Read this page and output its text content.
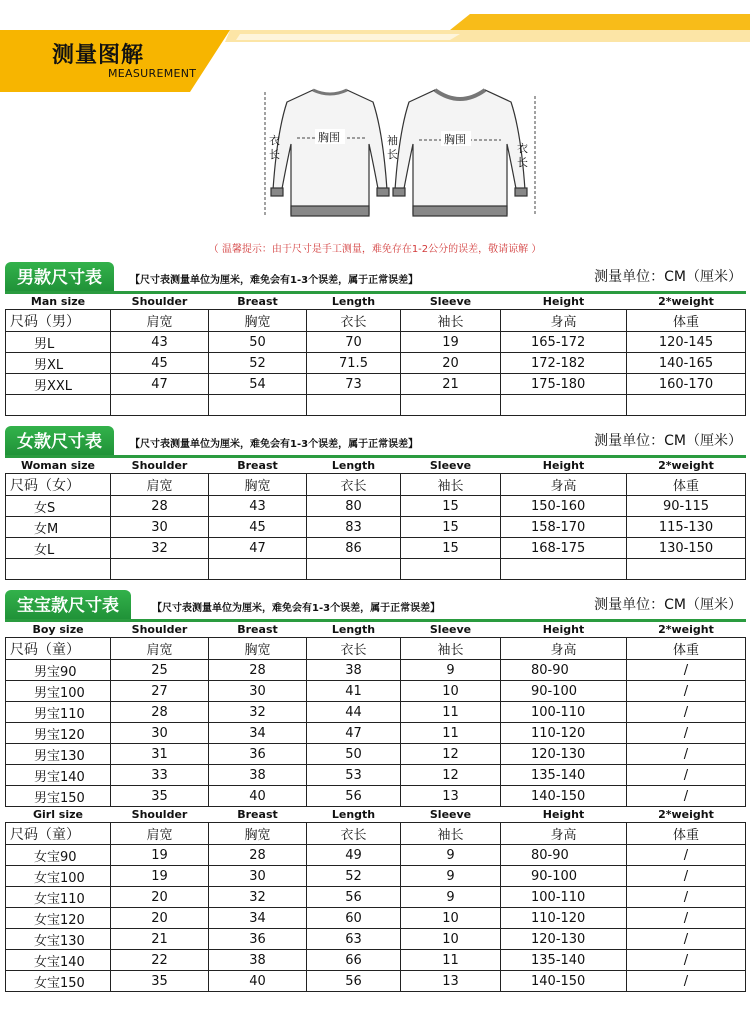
测量图解
MEASUREMENT
衣
长
胸围	袖
长
胸围
衣
长
（ 温馨提示：由于尺寸是手工测量，难免存在1-2公分的误差，敬请谅解 ）
男款尺寸表	【尺寸表测量单位为厘米，难免会有1-3个误差，属于正常误差】	测量单位：CM（厘米）
Man size	Shoulder	Breast	Length	Sleeve	Height	2*weight
尺码（男）	肩宽	胸宽	衣长	袖长	身高	体重
男L	43	50	70	19	165-172	120-145
男XL	45	52	71.5	20	172-182	140-165
男XXL	47	54	73	21	175-180	160-170

女款尺寸表	【尺寸表测量单位为厘米，难免会有1-3个误差，属于正常误差】	测量单位：CM（厘米）
Woman size	Shoulder	Breast	Length	Sleeve	Height	2*weight
尺码（女）	肩宽	胸宽	衣长	袖长	身高	体重
女S	28	43	80	15	150-160	90-115
女M	30	45	83	15	158-170	115-130
女L	32	47	86	15	168-175	130-150

宝宝款尺寸表	【尺寸表测量单位为厘米，难免会有1-3个误差，属于正常误差】	测量单位：CM（厘米）
Boy size	Shoulder	Breast	Length	Sleeve	Height	2*weight
尺码（童）	肩宽	胸宽	衣长	袖长	身高	体重
男宝90	25	28	38	9	80-90	/
男宝100	27	30	41	10	90-100	/
男宝110	28	32	44	11	100-110	/
男宝120	30	34	47	11	110-120	/
男宝130	31	36	50	12	120-130	/
男宝140	33	38	53	12	135-140	/
男宝150	35	40	56	13	140-150	/
Girl size	Shoulder	Breast	Length	Sleeve	Height	2*weight
尺码（童）	肩宽	胸宽	衣长	袖长	身高	体重
女宝90	19	28	49	9	80-90	/
女宝100	19	30	52	9	90-100	/
女宝110	20	32	56	9	100-110	/
女宝120	20	34	60	10	110-120	/
女宝130	21	36	63	10	120-130	/
女宝140	22	38	66	11	135-140	/
女宝150	35	40	56	13	140-150	/
